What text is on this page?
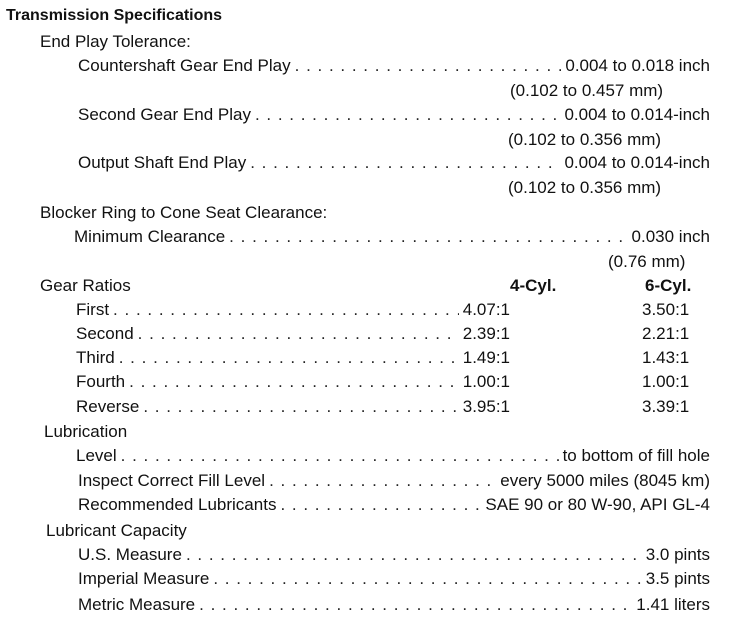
Transmission Specifications
End Play Tolerance:
Countershaft Gear End Play . . .	0.004 to 0.018 inch
(0.102 to 0.457 mm)
Second Gear End Play . . .	0.004 to 0.014-inch
(0.102 to 0.356 mm)
Output Shaft End Play . . .	0.004 to 0.014-inch
(0.102 to 0.356 mm)
Blocker Ring to Cone Seat Clearance:
Minimum Clearance . . .	0.030 inch
(0.76 mm)
Gear Ratios	4-Cyl.	6-Cyl.
First . . .	4.07:1	3.50:1
Second . . .	2.39:1	2.21:1
Third . . .	1.49:1	1.43:1
Fourth . . .	1.00:1	1.00:1
Reverse . . .	3.95:1	3.39:1
Lubrication
Level . . .	to bottom of fill hole
Inspect Correct Fill Level . . .	every 5000 miles (8045 km)
Recommended Lubricants . . .	SAE 90 or 80 W-90, API GL-4
Lubricant Capacity
U.S. Measure . . .	3.0 pints
Imperial Measure . . .	3.5 pints
Metric Measure . . .	1.41 liters
